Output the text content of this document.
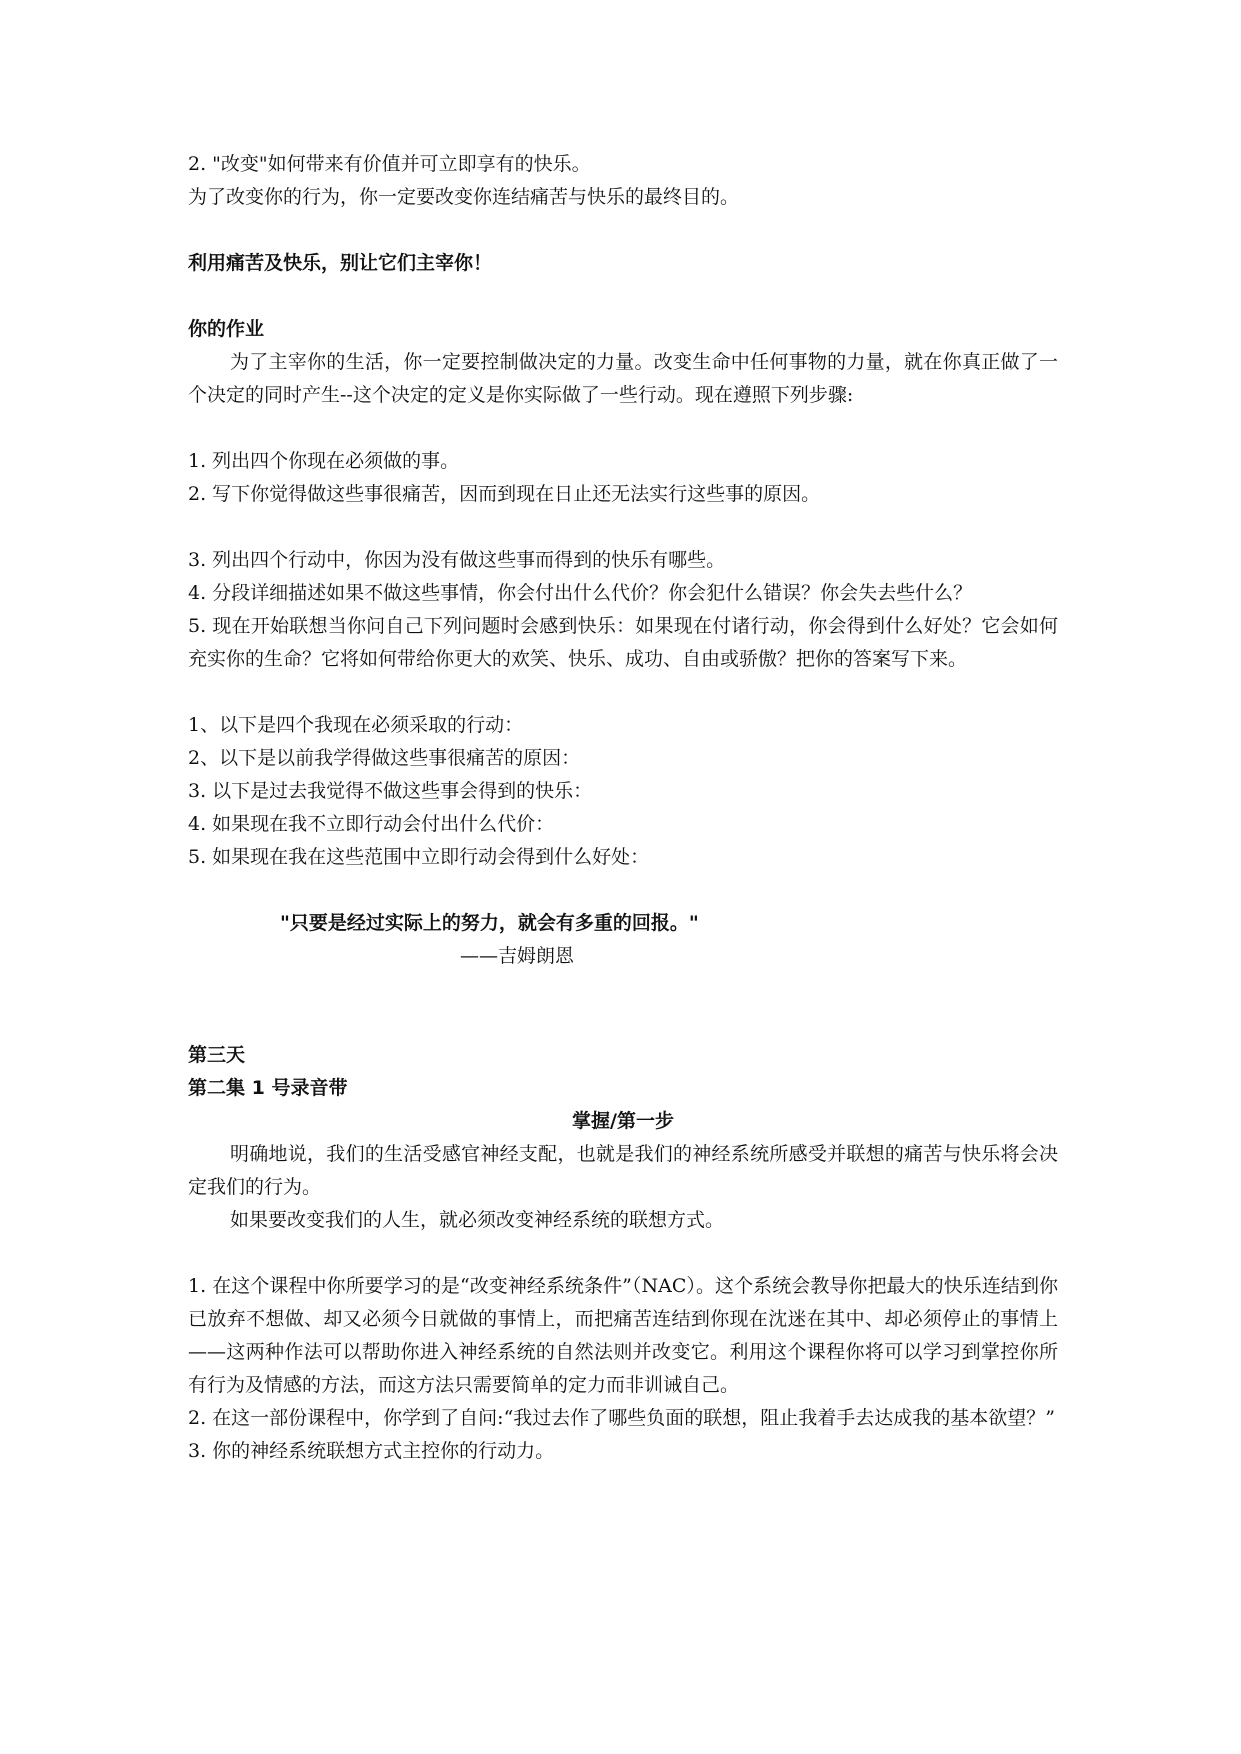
2. "改变"如何带来有价值并可立即享有的快乐。

为了改变你的行为，你一定要改变你连结痛苦与快乐的最终目的。

利用痛苦及快乐，别让它们主宰你！

你的作业

为了主宰你的生活，你一定要控制做决定的力量。改变生命中任何事物的力量，就在你真正做了一个决定的同时产生--这个决定的定义是你实际做了一些行动。现在遵照下列步骤:

1. 列出四个你现在必须做的事。

2. 写下你觉得做这些事很痛苦，因而到现在日止还无法实行这些事的原因。

3. 列出四个行动中，你因为没有做这些事而得到的快乐有哪些。

4. 分段详细描述如果不做这些事情，你会付出什么代价？你会犯什么错误？你会失去些什么？

5. 现在开始联想当你问自己下列问题时会感到快乐：如果现在付诸行动，你会得到什么好处？它会如何充实你的生命？它将如何带给你更大的欢笑、快乐、成功、自由或骄傲？把你的答案写下来。

1、以下是四个我现在必须采取的行动：

2、以下是以前我学得做这些事很痛苦的原因：

3. 以下是过去我觉得不做这些事会得到的快乐：

4. 如果现在我不立即行动会付出什么代价：

5. 如果现在我在这些范围中立即行动会得到什么好处：

"只要是经过实际上的努力，就会有多重的回报。"

——吉姆朗恩

第三天

第二集 1 号录音带

掌握/第一步

明确地说，我们的生活受感官神经支配，也就是我们的神经系统所感受并联想的痛苦与快乐将会决定我们的行为。

如果要改变我们的人生，就必须改变神经系统的联想方式。

1. 在这个课程中你所要学习的是“改变神经系统条件”（NAC）。这个系统会教导你把最大的快乐连结到你已放弃不想做、却又必须今日就做的事情上，而把痛苦连结到你现在沈迷在其中、却必须停止的事情上——这两种作法可以帮助你进入神经系统的自然法则并改变它。利用这个课程你将可以学习到掌控你所有行为及情感的方法，而这方法只需要简单的定力而非训诫自己。

2. 在这一部份课程中，你学到了自问:“我过去作了哪些负面的联想，阻止我着手去达成我的基本欲望？”

3. 你的神经系统联想方式主控你的行动力。
